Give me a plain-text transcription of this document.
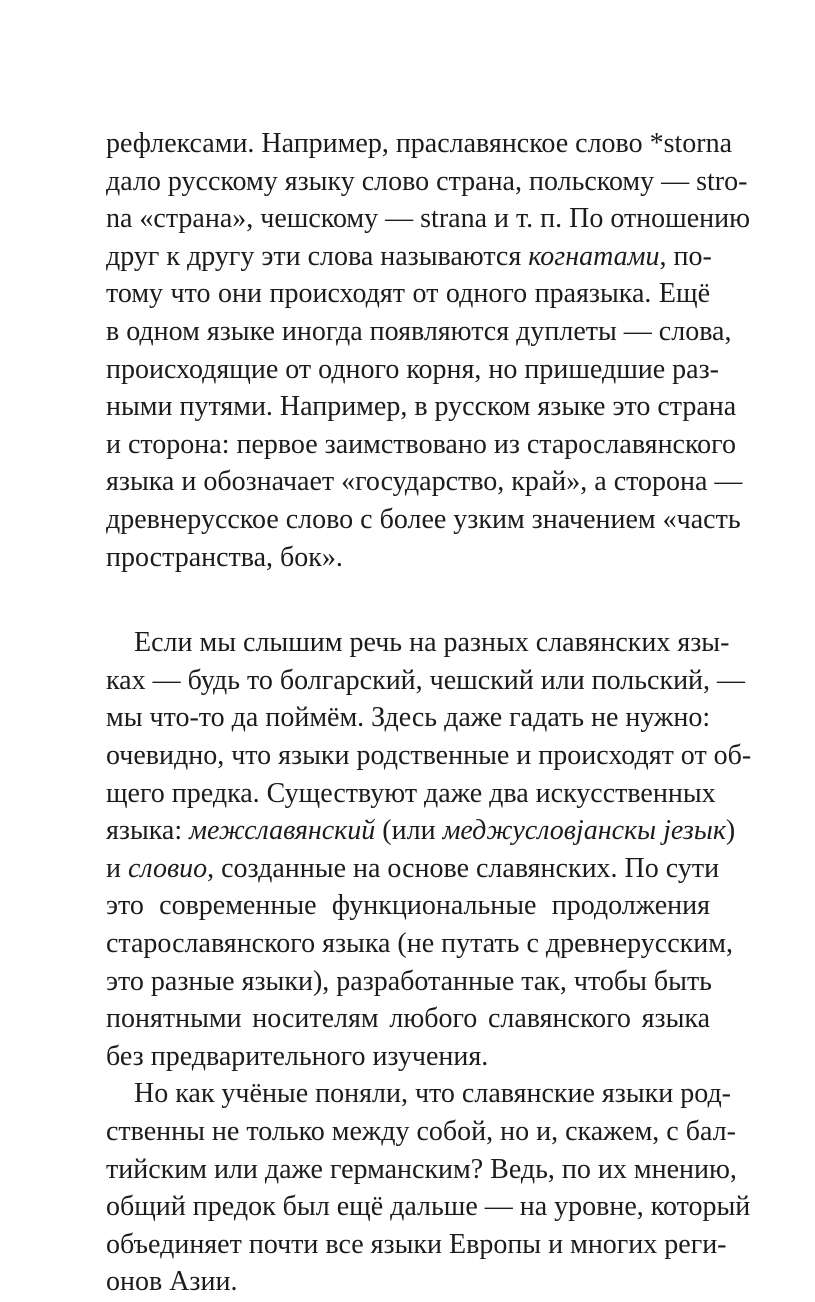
рефлексами. Например, праславянское слово *storna

дало русскому языку слово страна, польскому — stro-

na «страна», чешскому — strana и т. п. По отношению

друг к другу эти слова называются когнатами, по-

тому что они происходят от одного праязыка. Ещё

в одном языке иногда появляются дуплеты — слова,

происходящие от одного корня, но пришедшие раз-

ными путями. Например, в русском языке это страна

и сторона: первое заимствовано из старославянского

языка и обозначает «государство, край», а сторона —

древнерусское слово с более узким значением «часть

пространства, бок».

Если мы слышим речь на разных славянских язы-

ках — будь то болгарский, чешский или польский, —

мы что-то да поймём. Здесь даже гадать не нужно:

очевидно, что языки родственные и происходят от об-

щего предка. Существуют даже два искусственных

языка: межславянский (или меджусловјанскы језык)

и словио, созданные на основе славянских. По сути

это современные функциональные продолжения

старославянского языка (не путать с древнерусским,

это разные языки), разработанные так, чтобы быть

понятными носителям любого славянского языка

без предварительного изучения.

Но как учёные поняли, что славянские языки род-

ственны не только между собой, но и, скажем, с бал-

тийским или даже германским? Ведь, по их мнению,

общий предок был ещё дальше — на уровне, который

объединяет почти все языки Европы и многих реги-

онов Азии.
